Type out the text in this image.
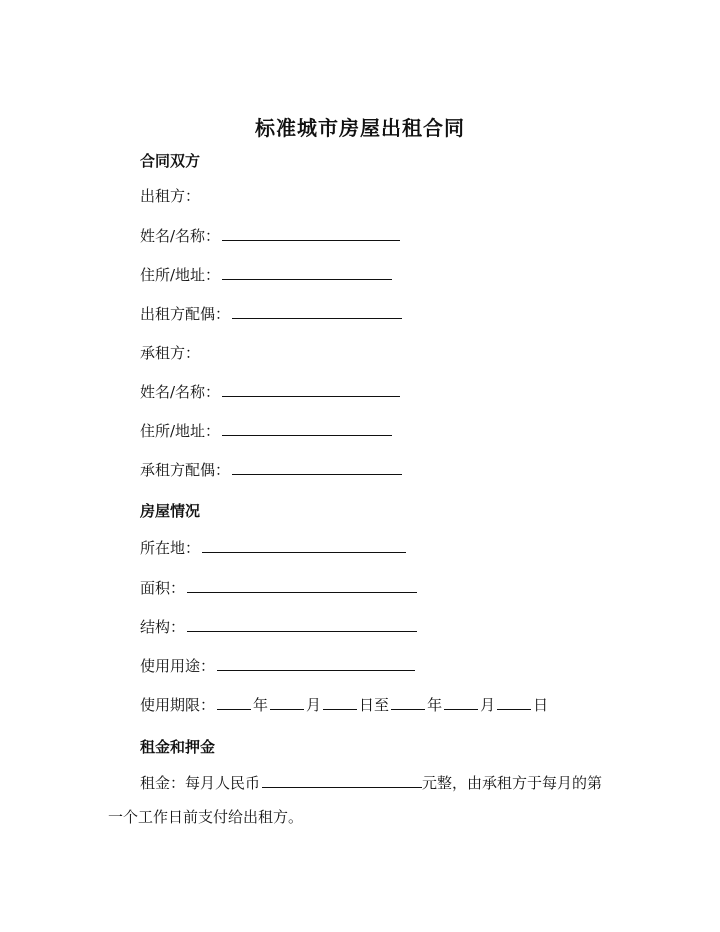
标准城市房屋出租合同

合同双方

出租方：

姓名/名称：

住所/地址：

出租方配偶：

承租方：

姓名/名称：

住所/地址：

承租方配偶：

房屋情况

所在地：

面积：

结构：

使用用途：

使用期限：	年	月	日至	年	月	日

租金和押金

租金：每月人民币	元整，由承租方于每月的第一个工作日前支付给出租方。
